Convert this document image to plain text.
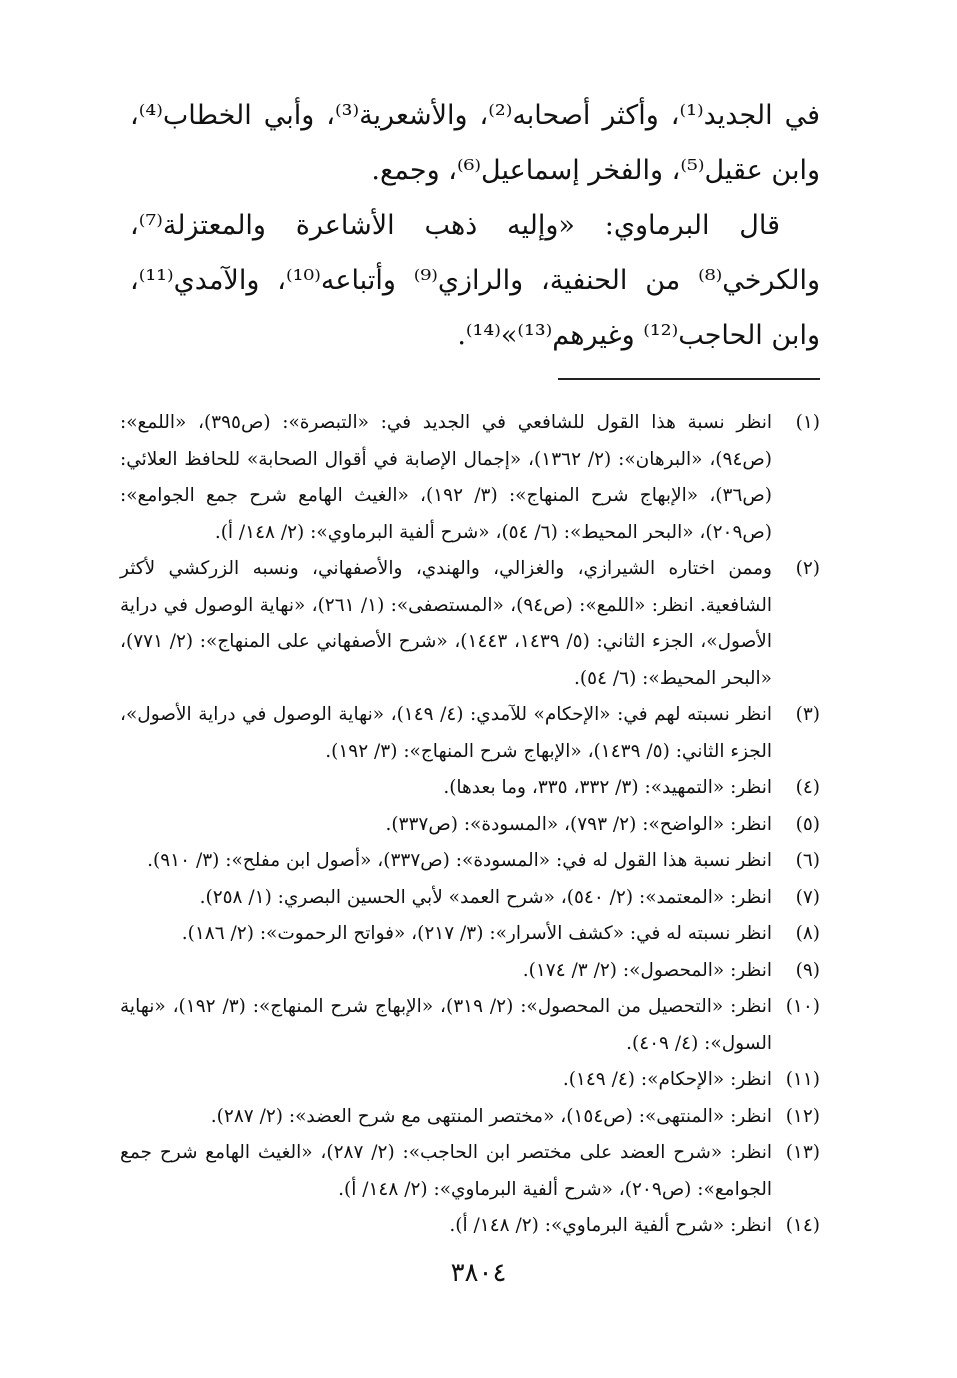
في الجديد⁽¹⁾، وأكثر أصحابه⁽²⁾، والأشعرية⁽³⁾، وأبي الخطاب⁽⁴⁾، وابن عقيل⁽⁵⁾، والفخر إسماعيل⁽⁶⁾، وجمع.

قال البرماوي: «وإليه ذهب الأشاعرة والمعتزلة⁽⁷⁾، والكرخي⁽⁸⁾ من الحنفية، والرازي⁽⁹⁾ وأتباعه⁽¹⁰⁾، والآمدي⁽¹¹⁾، وابن الحاجب⁽¹²⁾ وغيرهم⁽¹³⁾»⁽¹⁴⁾.

(١)
انظر نسبة هذا القول للشافعي في الجديد في: «التبصرة»: (ص٣٩٥)، «اللمع»: (ص٩٤)، «البرهان»: (٢/ ١٣٦٢)، «إجمال الإصابة في أقوال الصحابة» للحافظ العلائي: (ص٣٦)، «الإبهاج شرح المنهاج»: (٣/ ١٩٢)، «الغيث الهامع شرح جمع الجوامع»: (ص٢٠٩)، «البحر المحيط»: (٦/ ٥٤)، «شرح ألفية البرماوي»: (٢/ ١٤٨/ أ).
(٢)
وممن اختاره الشيرازي، والغزالي، والهندي، والأصفهاني، ونسبه الزركشي لأكثر الشافعية. انظر: «اللمع»: (ص٩٤)، «المستصفى»: (١/ ٢٦١)، «نهاية الوصول في دراية الأصول»، الجزء الثاني: (٥/ ١٤٣٩، ١٤٤٣)، «شرح الأصفهاني على المنهاج»: (٢/ ٧٧١)، «البحر المحيط»: (٦/ ٥٤).
(٣)
انظر نسبته لهم في: «الإحكام» للآمدي: (٤/ ١٤٩)، «نهاية الوصول في دراية الأصول»، الجزء الثاني: (٥/ ١٤٣٩)، «الإبهاج شرح المنهاج»: (٣/ ١٩٢).
(٤)
انظر: «التمهيد»: (٣/ ٣٣٢، ٣٣٥، وما بعدها).
(٥)
انظر: «الواضح»: (٢/ ٧٩٣)، «المسودة»: (ص٣٣٧).
(٦)
انظر نسبة هذا القول له في: «المسودة»: (ص٣٣٧)، «أصول ابن مفلح»: (٣/ ٩١٠).
(٧)
انظر: «المعتمد»: (٢/ ٥٤٠)، «شرح العمد» لأبي الحسين البصري: (١/ ٢٥٨).
(٨)
انظر نسبته له في: «كشف الأسرار»: (٣/ ٢١٧)، «فواتح الرحموت»: (٢/ ١٨٦).
(٩)
انظر: «المحصول»: (٢/ ٣/ ١٧٤).
(١٠)
انظر: «التحصيل من المحصول»: (٢/ ٣١٩)، «الإبهاج شرح المنهاج»: (٣/ ١٩٢)، «نهاية السول»: (٤/ ٤٠٩).
(١١)
انظر: «الإحكام»: (٤/ ١٤٩).
(١٢)
انظر: «المنتهى»: (ص١٥٤)، «مختصر المنتهى مع شرح العضد»: (٢/ ٢٨٧).
(١٣)
انظر: «شرح العضد على مختصر ابن الحاجب»: (٢/ ٢٨٧)، «الغيث الهامع شرح جمع الجوامع»: (ص٢٠٩)، «شرح ألفية البرماوي»: (٢/ ١٤٨/ أ).
(١٤)
انظر: «شرح ألفية البرماوي»: (٢/ ١٤٨/ أ).
٣٨٠٤
